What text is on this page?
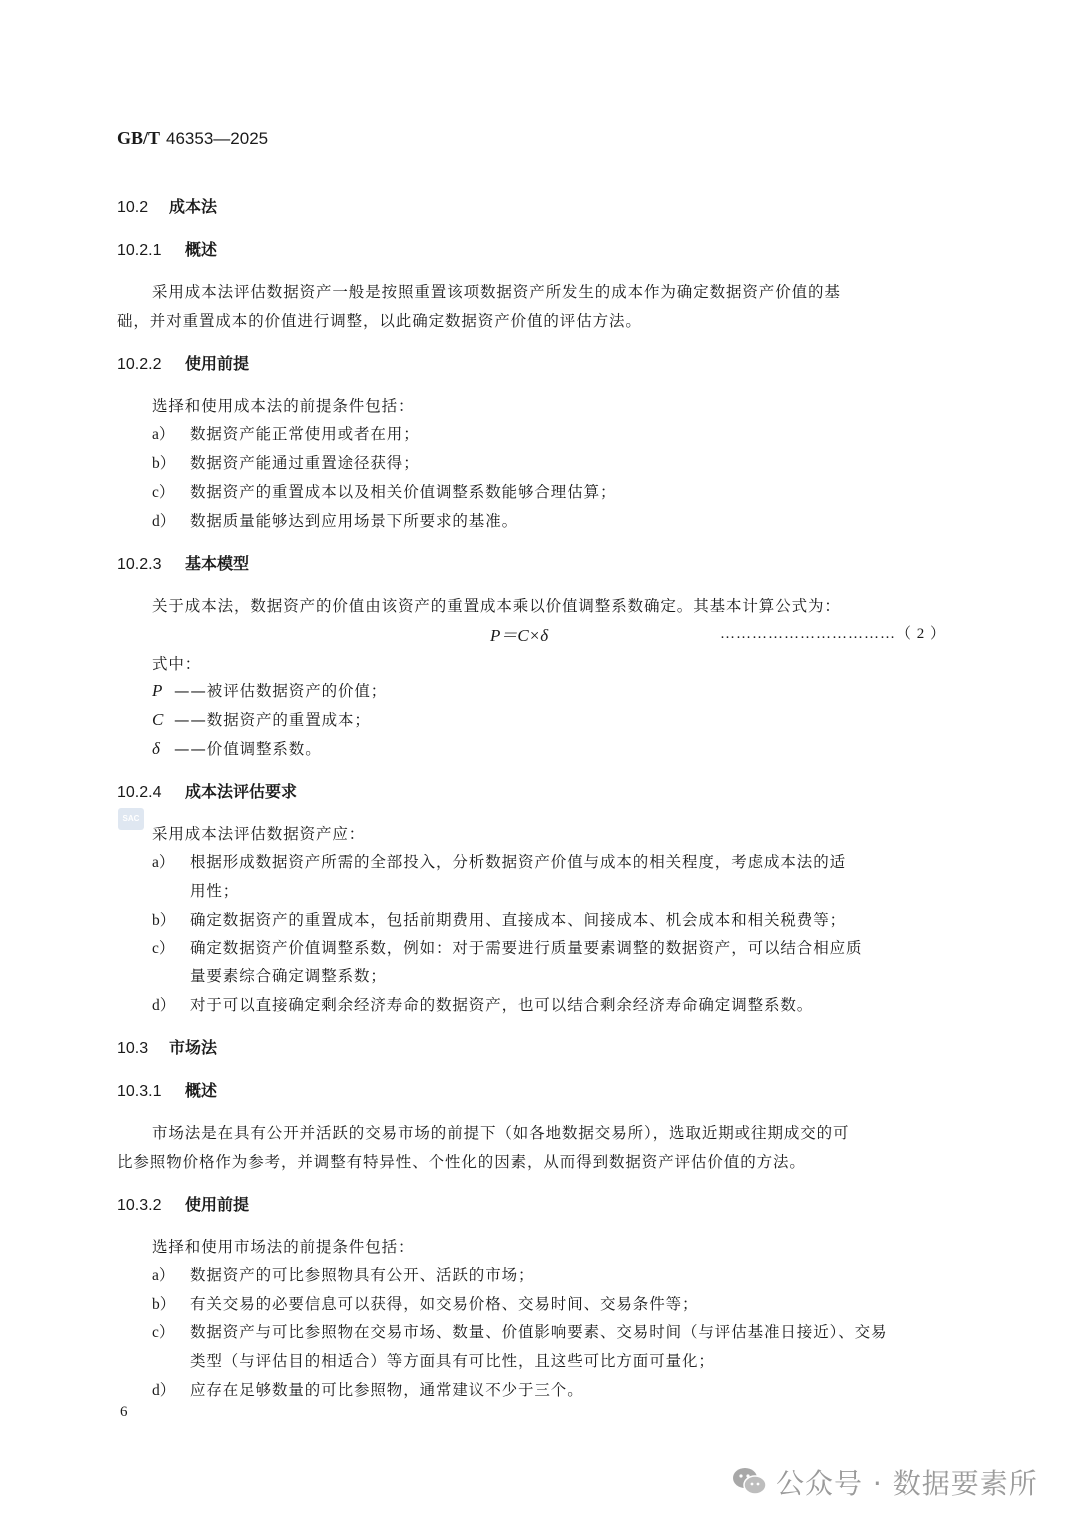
GB/T 46353—2025
10.2 成本法
10.2.1 概述
采用成本法评估数据资产一般是按照重置该项数据资产所发生的成本作为确定数据资产价值的基
础，并对重置成本的价值进行调整，以此确定数据资产价值的评估方法。
10.2.2 使用前提
选择和使用成本法的前提条件包括：
a） 数据资产能正常使用或者在用；
b） 数据资产能通过重置途径获得；
c） 数据资产的重置成本以及相关价值调整系数能够合理估算；
d） 数据质量能够达到应用场景下所要求的基准。
10.2.3 基本模型
关于成本法，数据资产的价值由该资产的重置成本乘以价值调整系数确定。其基本计算公式为：
P＝C×δ	……………………………（ 2 ）
式中：
P ——被评估数据资产的价值；
C ——数据资产的重置成本；
δ ——价值调整系数。
10.2.4 成本法评估要求
SAC
采用成本法评估数据资产应：
a） 根据形成数据资产所需的全部投入，分析数据资产价值与成本的相关程度，考虑成本法的适
用性；
b） 确定数据资产的重置成本，包括前期费用、直接成本、间接成本、机会成本和相关税费等；
c） 确定数据资产价值调整系数，例如：对于需要进行质量要素调整的数据资产，可以结合相应质
量要素综合确定调整系数；
d） 对于可以直接确定剩余经济寿命的数据资产，也可以结合剩余经济寿命确定调整系数。
10.3 市场法
10.3.1 概述
市场法是在具有公开并活跃的交易市场的前提下（如各地数据交易所），选取近期或往期成交的可
比参照物价格作为参考，并调整有特异性、个性化的因素，从而得到数据资产评估价值的方法。
10.3.2 使用前提
选择和使用市场法的前提条件包括：
a） 数据资产的可比参照物具有公开、活跃的市场；
b） 有关交易的必要信息可以获得，如交易价格、交易时间、交易条件等；
c） 数据资产与可比参照物在交易市场、数量、价值影响要素、交易时间（与评估基准日接近）、交易
类型（与评估目的相适合）等方面具有可比性，且这些可比方面可量化；
d） 应存在足够数量的可比参照物，通常建议不少于三个。
6
公众号 · 数据要素所
